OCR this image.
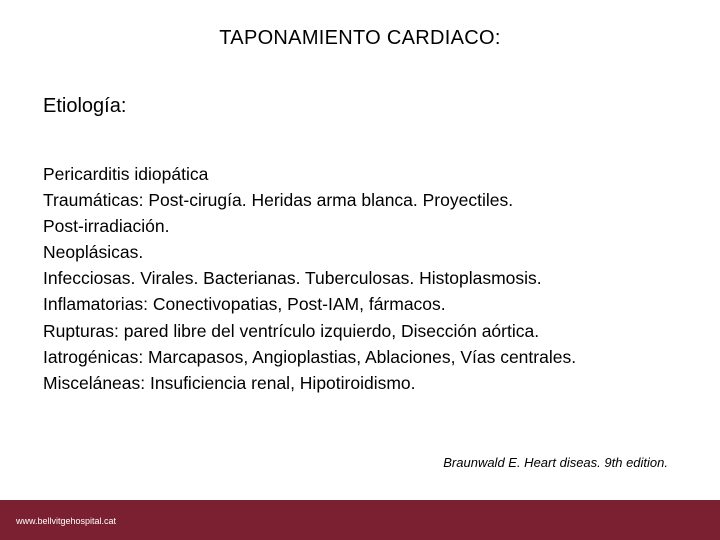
TAPONAMIENTO CARDIACO:
Etiología:
Pericarditis idiopática
Traumáticas: Post-cirugía. Heridas arma blanca. Proyectiles.
Post-irradiación.
Neoplásicas.
Infecciosas. Virales. Bacterianas. Tuberculosas. Histoplasmosis.
Inflamatorias: Conectivopatias, Post-IAM, fármacos.
Rupturas: pared libre del ventrículo izquierdo, Disección aórtica.
Iatrogénicas: Marcapasos, Angioplastias, Ablaciones, Vías centrales.
Misceláneas: Insuficiencia renal, Hipotiroidismo.
Braunwald E. Heart diseas. 9th edition.
www.bellvitgehospital.cat
